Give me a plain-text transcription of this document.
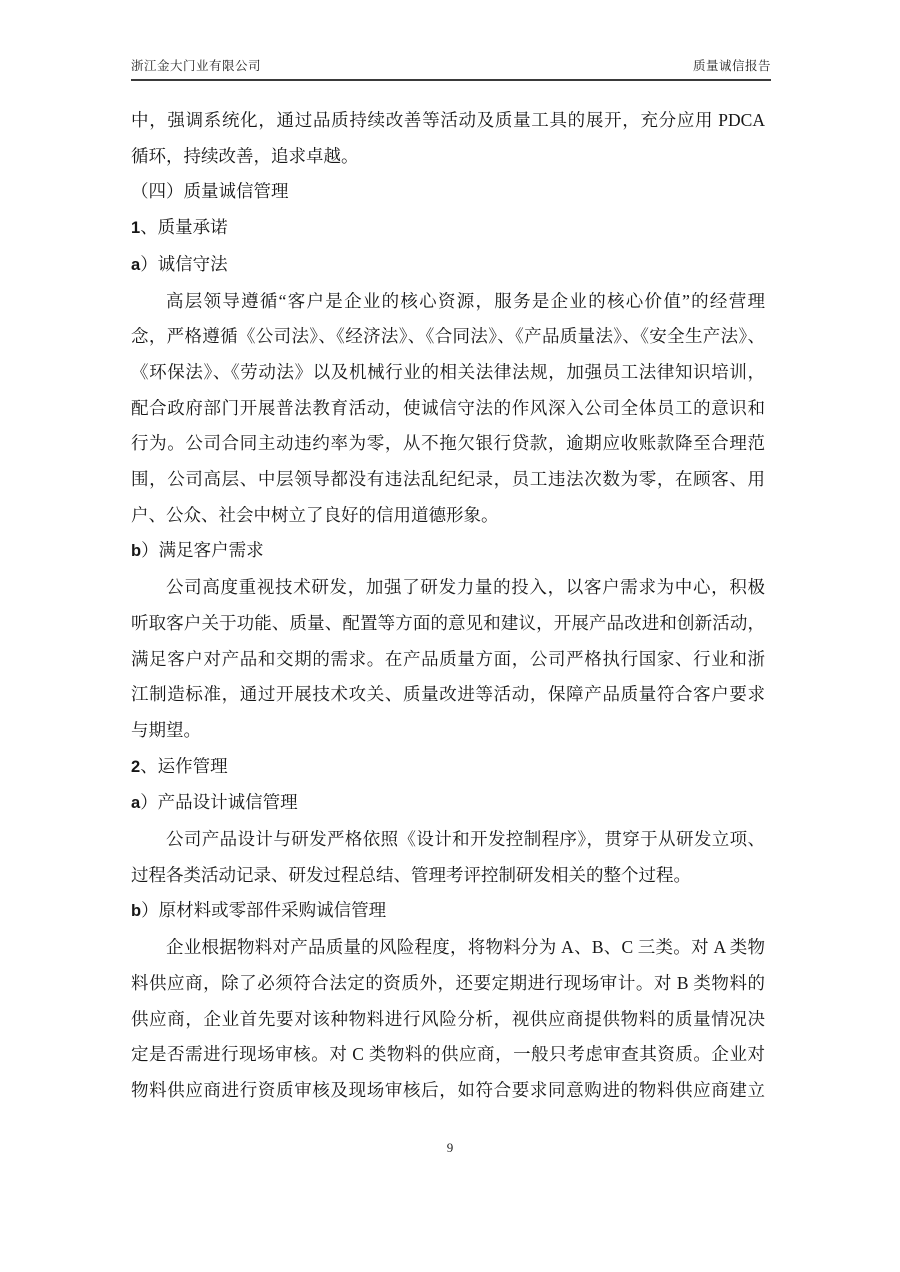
浙江金大门业有限公司	质量诚信报告
中，强调系统化，通过品质持续改善等活动及质量工具的展开，充分应用 PDCA
循环，持续改善，追求卓越。
（四）质量诚信管理
1、质量承诺
a）诚信守法
高层领导遵循“客户是企业的核心资源，服务是企业的核心价值”的经营理
念，严格遵循《公司法》、《经济法》、《合同法》、《产品质量法》、《安全生产法》、
《环保法》、《劳动法》以及机械行业的相关法律法规，加强员工法律知识培训，
配合政府部门开展普法教育活动，使诚信守法的作风深入公司全体员工的意识和
行为。公司合同主动违约率为零，从不拖欠银行贷款，逾期应收账款降至合理范
围，公司高层、中层领导都没有违法乱纪纪录，员工违法次数为零，在顾客、用
户、公众、社会中树立了良好的信用道德形象。
b）满足客户需求
公司高度重视技术研发，加强了研发力量的投入，以客户需求为中心，积极
听取客户关于功能、质量、配置等方面的意见和建议，开展产品改进和创新活动，
满足客户对产品和交期的需求。在产品质量方面，公司严格执行国家、行业和浙
江制造标准，通过开展技术攻关、质量改进等活动，保障产品质量符合客户要求
与期望。
2、运作管理
a）产品设计诚信管理
公司产品设计与研发严格依照《设计和开发控制程序》，贯穿于从研发立项、
过程各类活动记录、研发过程总结、管理考评控制研发相关的整个过程。
b）原材料或零部件采购诚信管理
企业根据物料对产品质量的风险程度，将物料分为 A、B、C 三类。对 A 类物
料供应商，除了必须符合法定的资质外，还要定期进行现场审计。对 B 类物料的
供应商，企业首先要对该种物料进行风险分析，视供应商提供物料的质量情况决
定是否需进行现场审核。对 C 类物料的供应商，一般只考虑审查其资质。企业对
物料供应商进行资质审核及现场审核后，如符合要求同意购进的物料供应商建立
9
